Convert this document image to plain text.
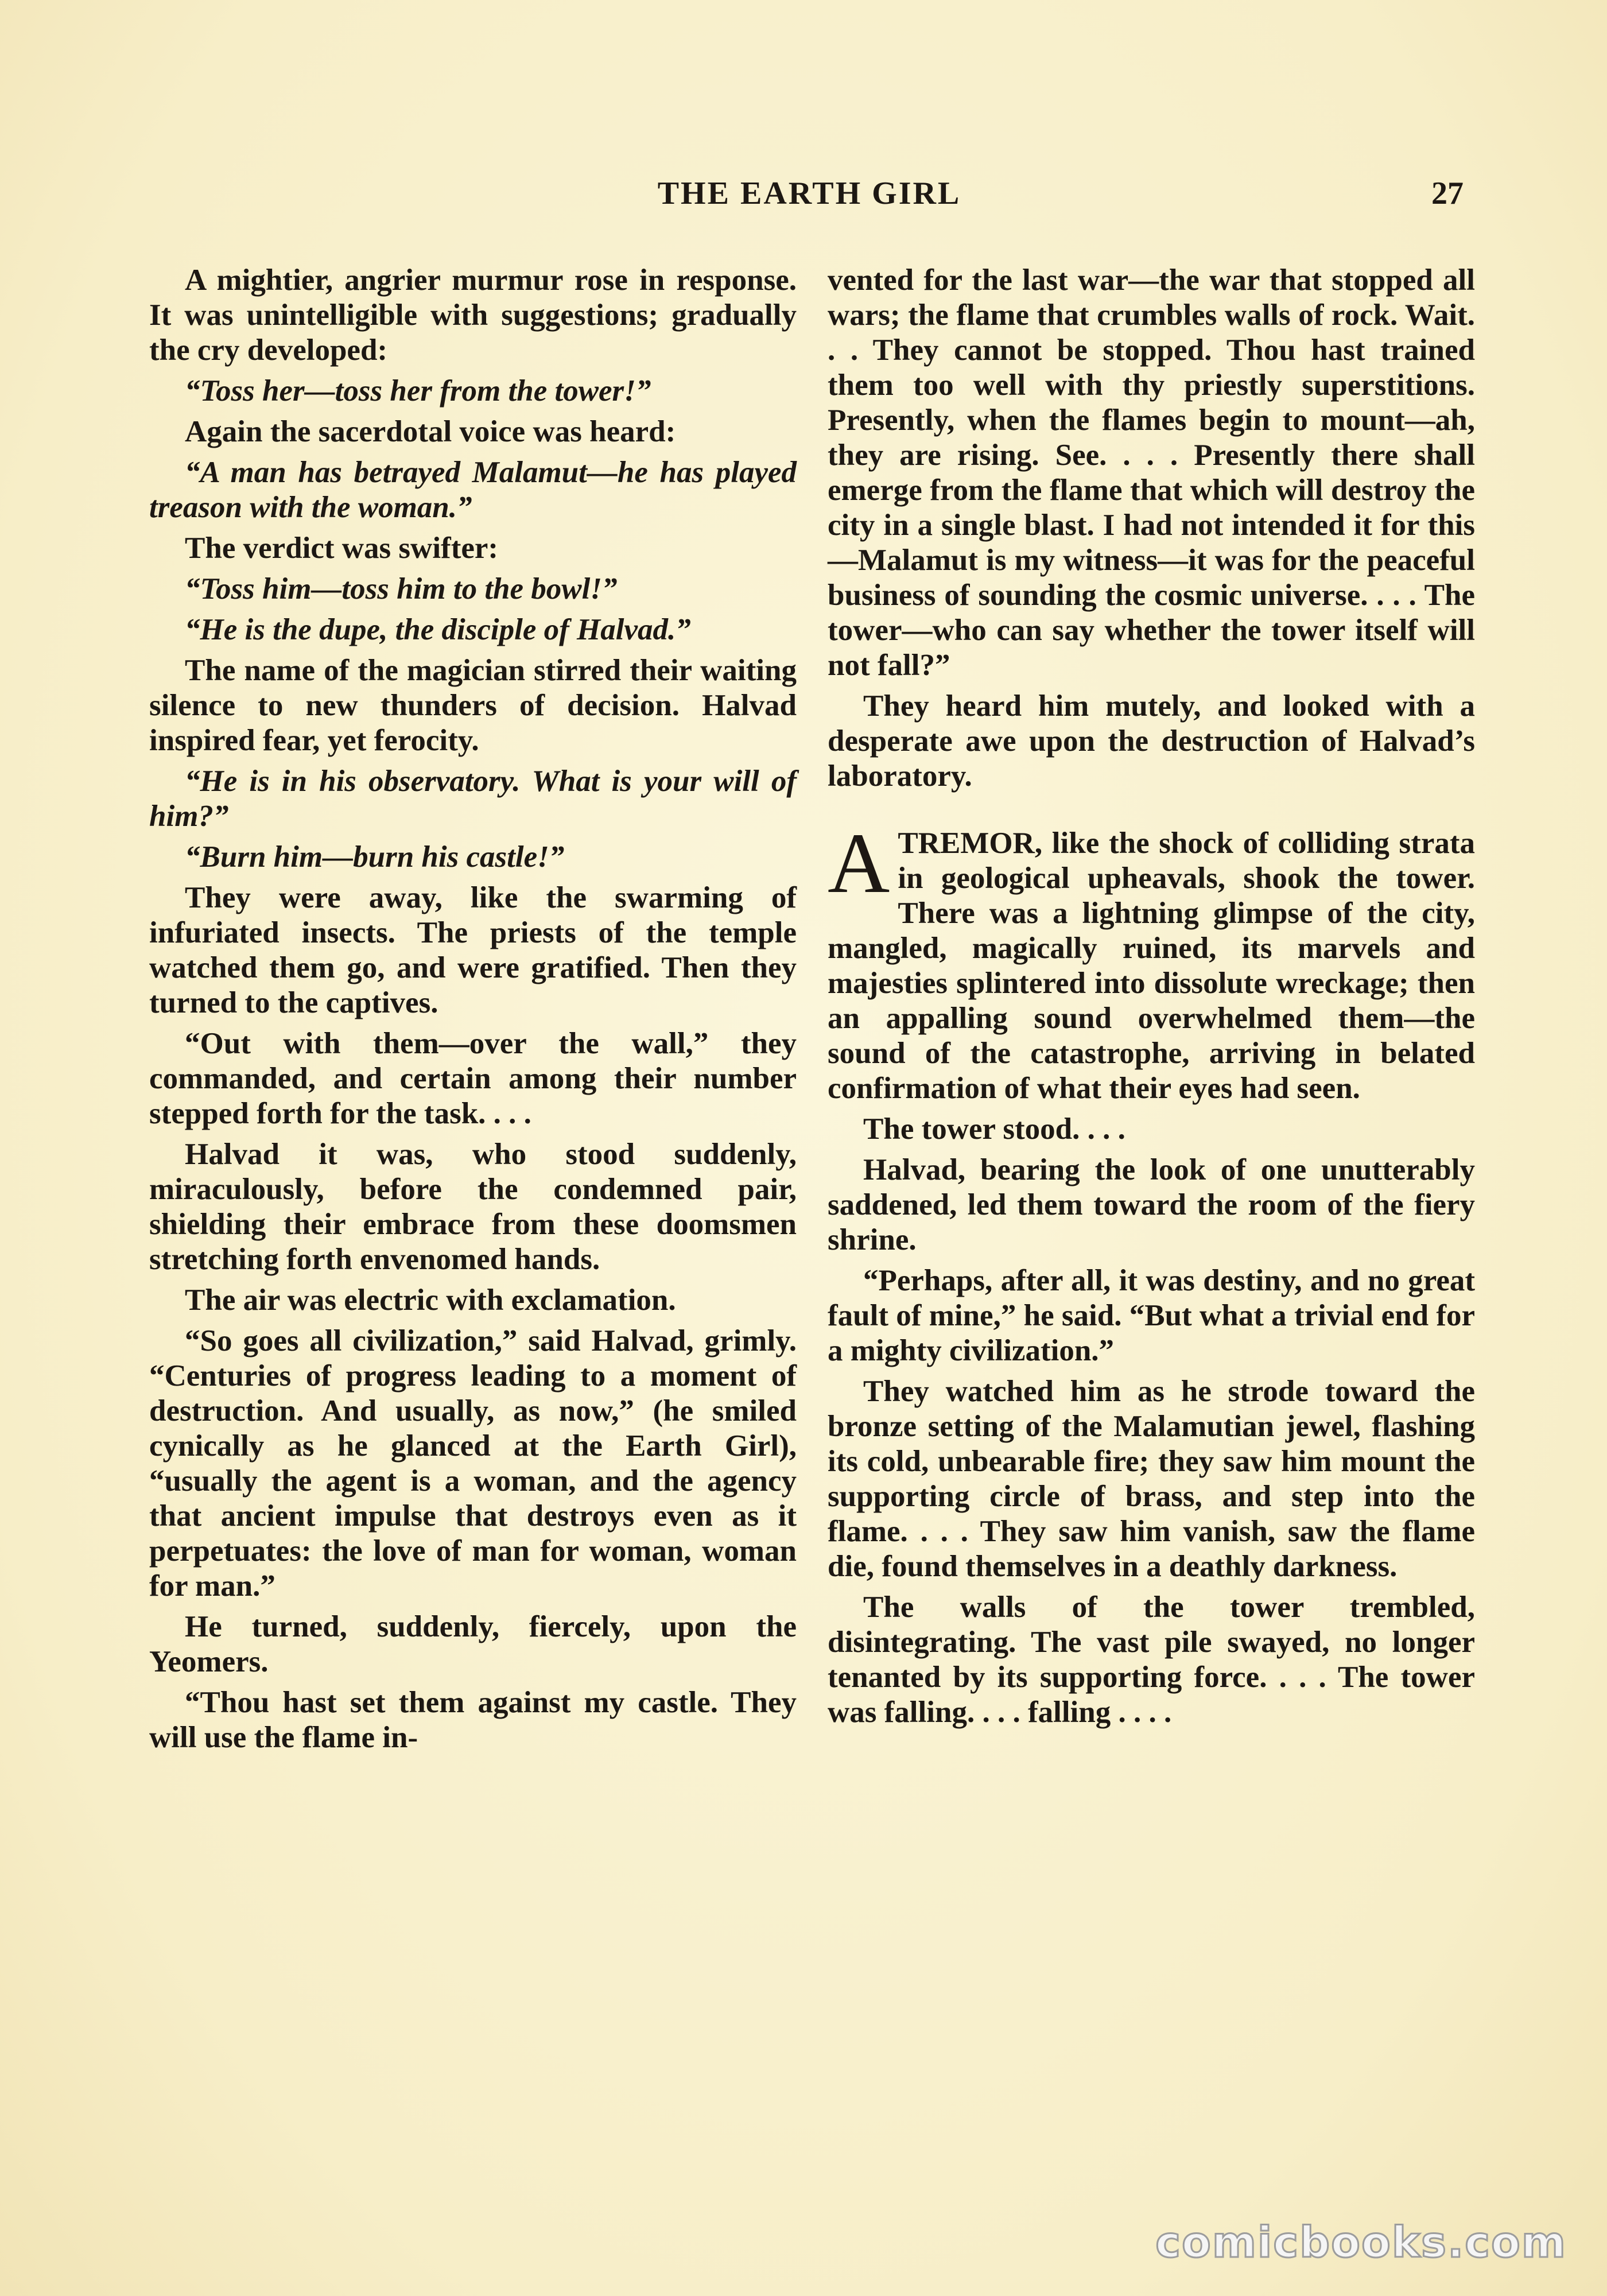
THE EARTH GIRL	27

A mightier, angrier murmur rose in response. It was unintelligible with suggestions; gradually the cry developed:

“Toss her—toss her from the tower!”

Again the sacerdotal voice was heard:

“A man has betrayed Malamut—he has played treason with the woman.”

The verdict was swifter:

“Toss him—toss him to the bowl!”

“He is the dupe, the disciple of Halvad.”

The name of the magician stirred their waiting silence to new thunders of decision. Halvad inspired fear, yet ferocity.

“He is in his observatory. What is your will of him?”

“Burn him—burn his castle!”

They were away, like the swarming of infuriated insects. The priests of the temple watched them go, and were gratified. Then they turned to the captives.

“Out with them—over the wall,” they commanded, and certain among their number stepped forth for the task. . . .

Halvad it was, who stood suddenly, miraculously, before the condemned pair, shielding their embrace from these doomsmen stretching forth envenomed hands.

The air was electric with exclamation.

“So goes all civilization,” said Halvad, grimly. “Centuries of progress leading to a moment of destruction. And usually, as now,” (he smiled cynically as he glanced at the Earth Girl), “usually the agent is a woman, and the agency that ancient impulse that destroys even as it perpetuates: the love of man for woman, woman for man.”

He turned, suddenly, fiercely, upon the Yeomers.

“Thou hast set them against my castle. They will use the flame in-

vented for the last war—the war that stopped all wars; the flame that crumbles walls of rock. Wait. . . They cannot be stopped. Thou hast trained them too well with thy priestly superstitions. Presently, when the flames begin to mount—ah, they are rising. See. . . . Presently there shall emerge from the flame that which will destroy the city in a single blast. I had not intended it for this—Malamut is my witness—it was for the peaceful business of sounding the cosmic universe. . . . The tower—who can say whether the tower itself will not fall?”

They heard him mutely, and looked with a desperate awe upon the destruction of Halvad’s laboratory.

ATREMOR, like the shock of colliding strata in geological upheavals, shook the tower. There was a lightning glimpse of the city, mangled, magically ruined, its marvels and majesties splintered into dissolute wreckage; then an appalling sound overwhelmed them—the sound of the catastrophe, arriving in belated confirmation of what their eyes had seen.

The tower stood. . . .

Halvad, bearing the look of one unutterably saddened, led them toward the room of the fiery shrine.

“Perhaps, after all, it was destiny, and no great fault of mine,” he said. “But what a trivial end for a mighty civilization.”

They watched him as he strode toward the bronze setting of the Malamutian jewel, flashing its cold, unbearable fire; they saw him mount the supporting circle of brass, and step into the flame. . . . They saw him vanish, saw the flame die, found themselves in a deathly darkness.

The walls of the tower trembled, disintegrating. The vast pile swayed, no longer tenanted by its supporting force. . . . The tower was falling. . . . falling . . . .

comicbooks.com
